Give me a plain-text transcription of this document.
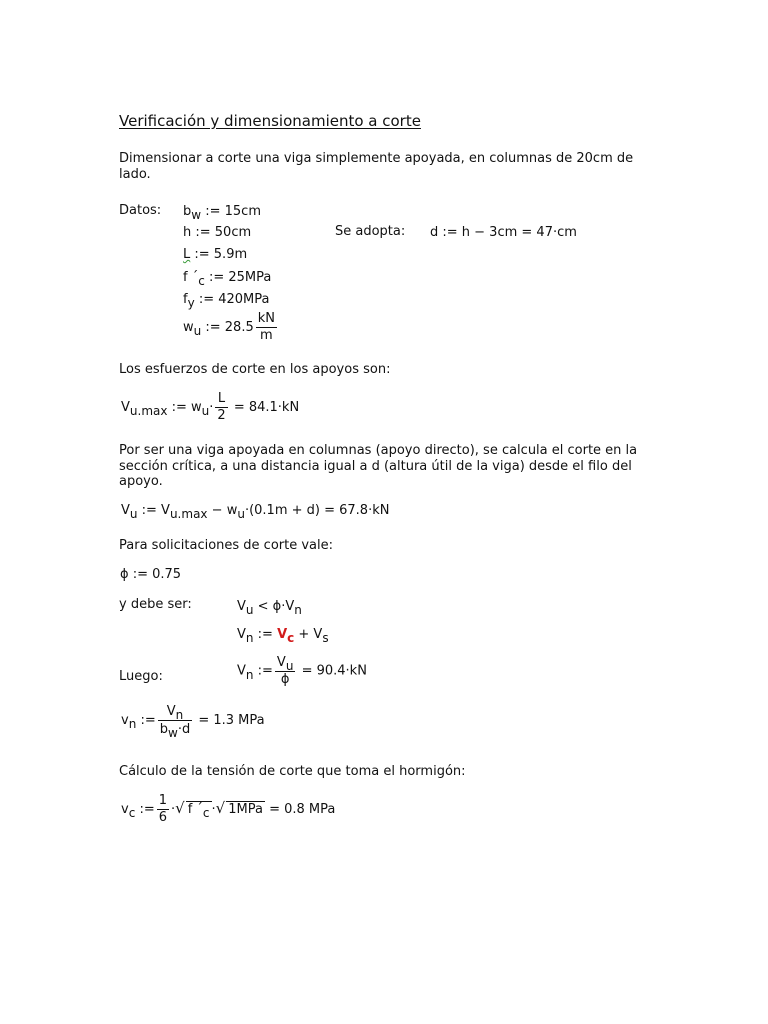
Verificación y dimensionamiento a corte
Dimensionar a corte una viga simplemente apoyada, en columnas de 20cm de
lado.
Datos: bw := 15cm
h := 50cm	Se adopta: d := h − 3cm = 47·cm
L := 5.9m
f ´c := 25MPa
fy := 420MPa
wu := $28.5 \frac{kN}{m}$
Los esfuerzos de corte en los apoyos son:
Vu.max := $wu\cdot \frac{L}{2} = 84.1\cdot kN$
Por ser una viga apoyada en columnas (apoyo directo), se calcula el corte en la
sección crítica, a una distancia igual a d (altura útil de la viga) desde el filo del
apoyo.
Vu := Vu.max − wu·(0.1m + d) = 67.8·kN
Para solicitaciones de corte vale:
ϕ := 0.75
y debe ser:	Vu < ϕ·Vn
Vn := Vc + Vs
Luego:	Vn := $\frac{Vu}{\phi} = 90.4\cdot kN$
vn := $\frac{Vn}{bw\cdot d} = 1.3$ MPa
Cálculo de la tensión de corte que toma el hormigón:
vc := $\frac{1}{6}$ ·√ f ´c ·√ 1MPa = 0.8 MPa
